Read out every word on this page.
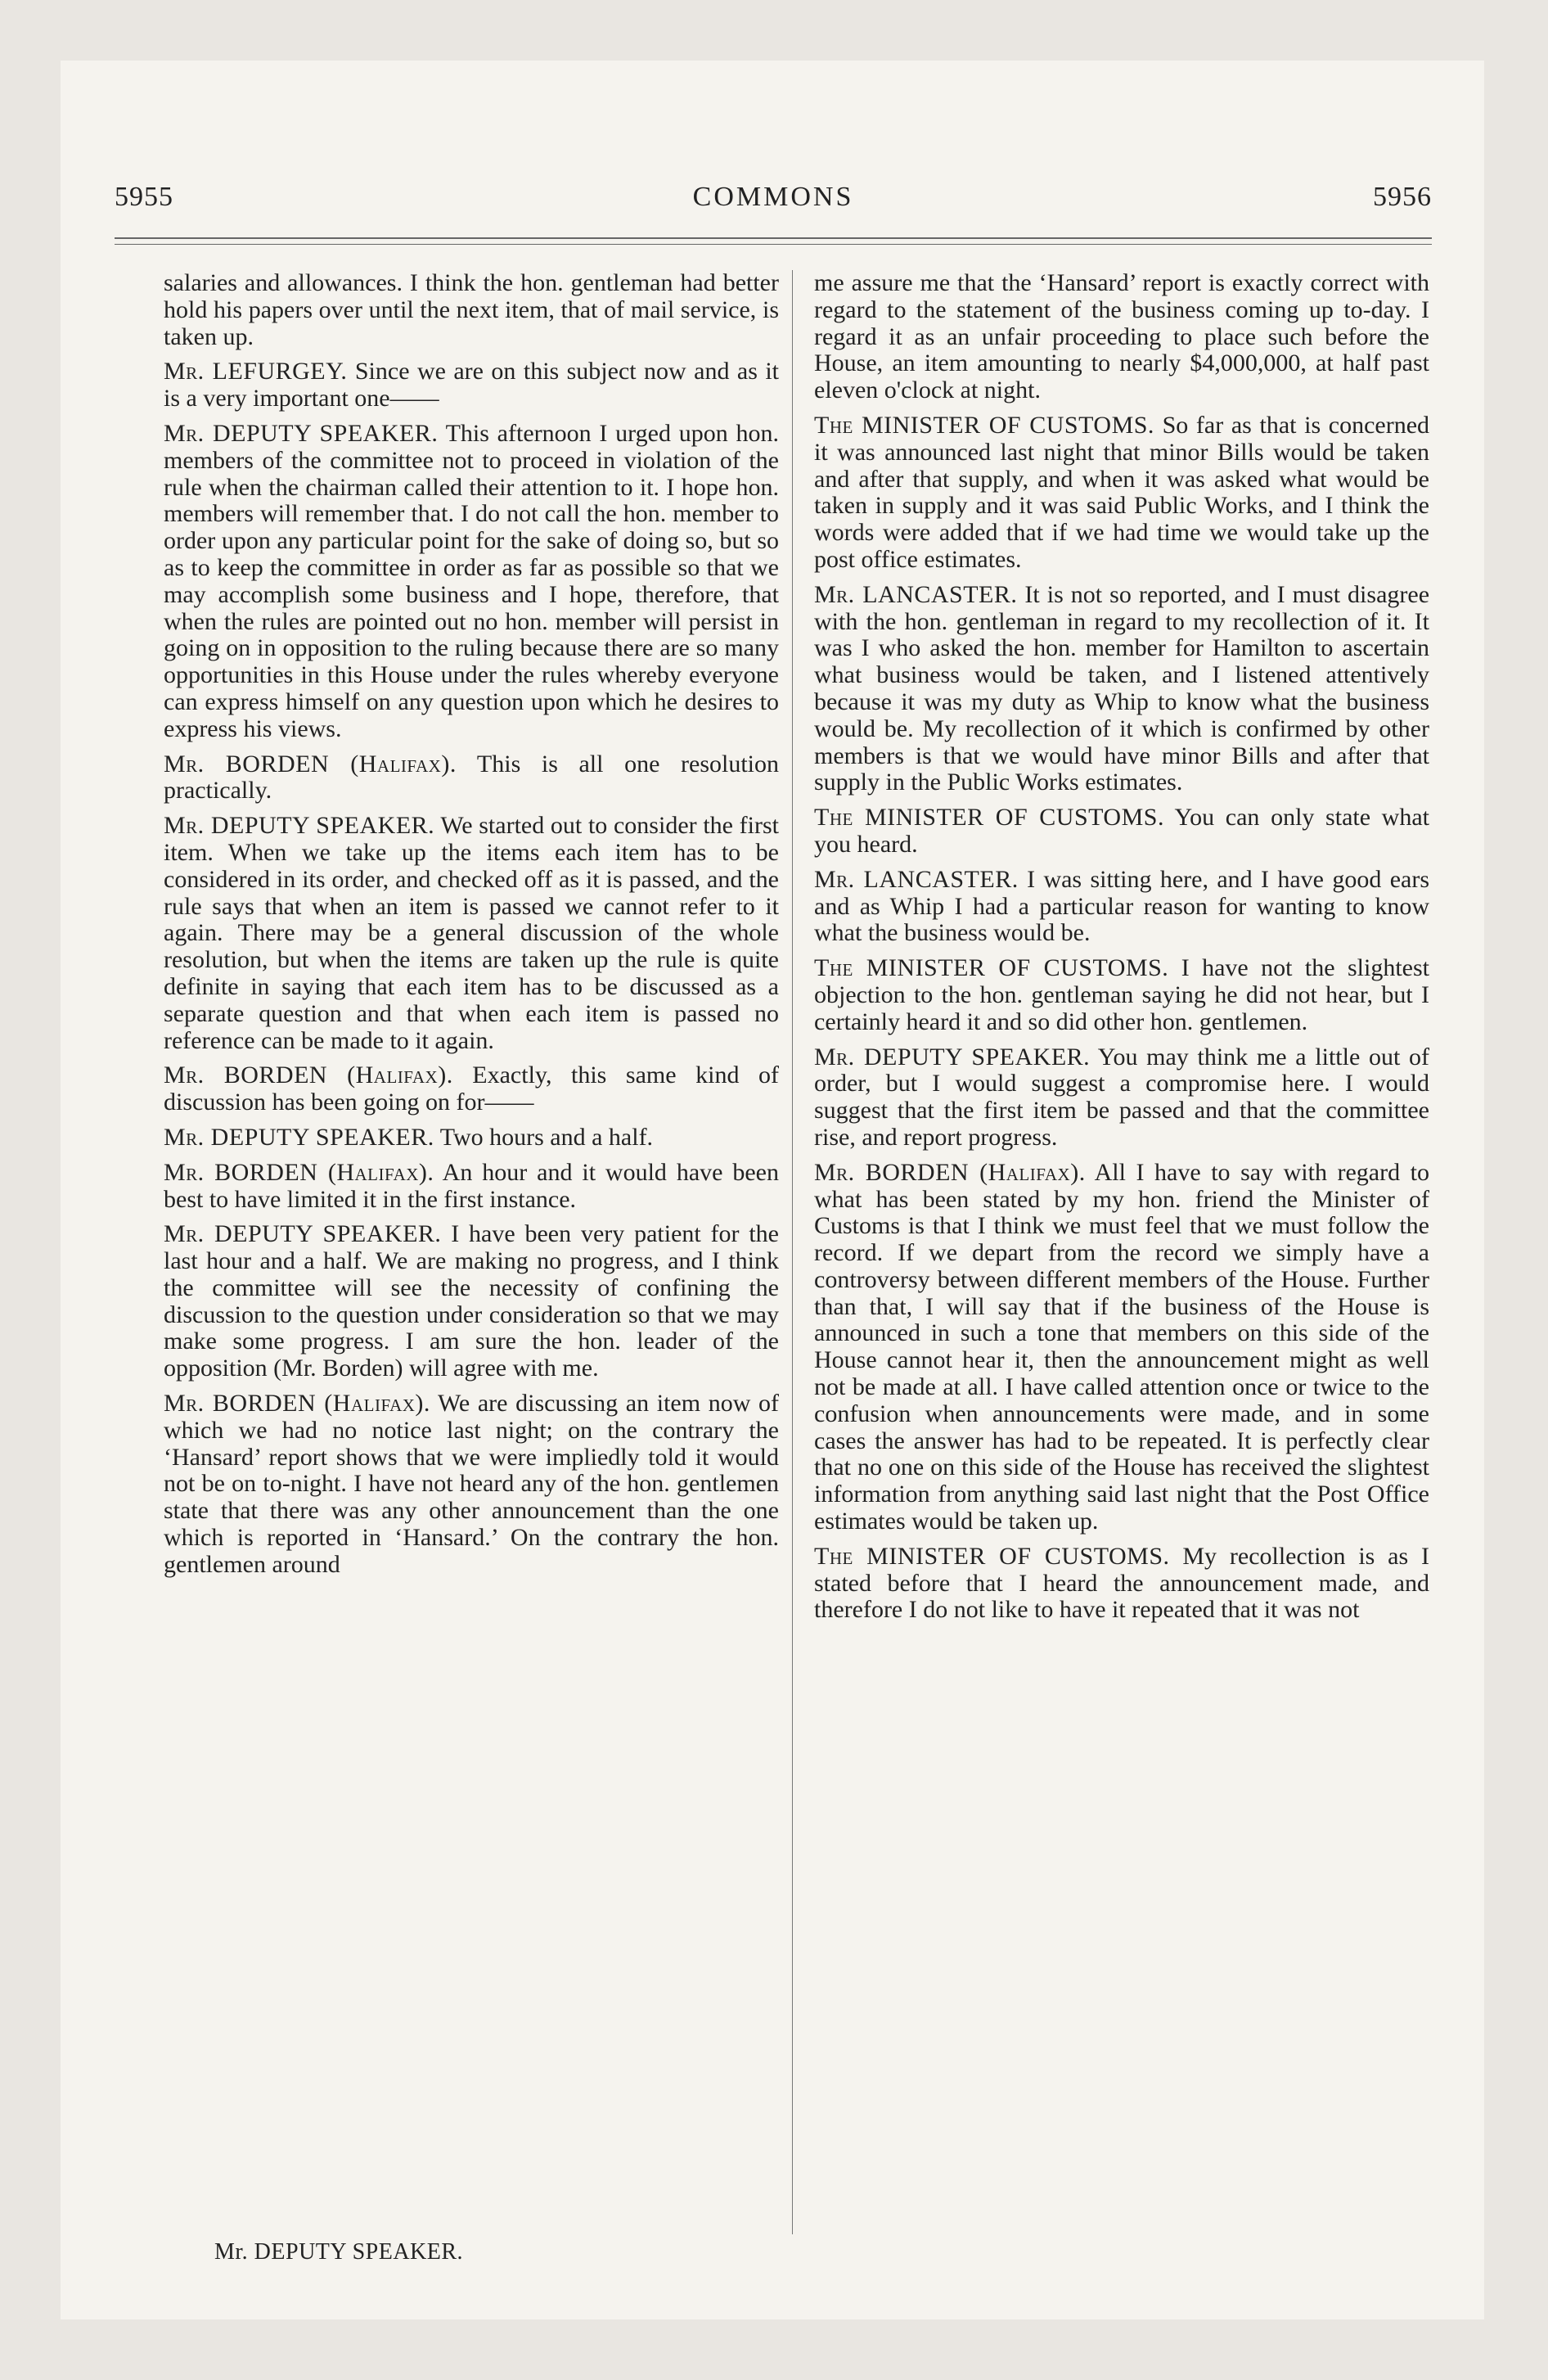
5955	COMMONS	5956

salaries and allowances. I think the hon. gentleman had better hold his papers over until the next item, that of mail service, is taken up.

Mr. LEFURGEY. Since we are on this subject now and as it is a very important one——

Mr. DEPUTY SPEAKER. This afternoon I urged upon hon. members of the committee not to proceed in violation of the rule when the chairman called their attention to it. I hope hon. members will remember that. I do not call the hon. member to order upon any particular point for the sake of doing so, but so as to keep the committee in order as far as possible so that we may accomplish some business and I hope, therefore, that when the rules are pointed out no hon. member will persist in going on in opposition to the ruling because there are so many opportunities in this House under the rules whereby everyone can express himself on any question upon which he desires to express his views.

Mr. BORDEN (Halifax). This is all one resolution practically.

Mr. DEPUTY SPEAKER. We started out to consider the first item. When we take up the items each item has to be considered in its order, and checked off as it is passed, and the rule says that when an item is passed we cannot refer to it again. There may be a general discussion of the whole resolution, but when the items are taken up the rule is quite definite in saying that each item has to be discussed as a separate question and that when each item is passed no reference can be made to it again.

Mr. BORDEN (Halifax). Exactly, this same kind of discussion has been going on for——

Mr. DEPUTY SPEAKER. Two hours and a half.

Mr. BORDEN (Halifax). An hour and it would have been best to have limited it in the first instance.

Mr. DEPUTY SPEAKER. I have been very patient for the last hour and a half. We are making no progress, and I think the committee will see the necessity of confining the discussion to the question under consideration so that we may make some progress. I am sure the hon. leader of the opposition (Mr. Borden) will agree with me.

Mr. BORDEN (Halifax). We are discussing an item now of which we had no notice last night; on the contrary the ‘Hansard’ report shows that we were impliedly told it would not be on to-night. I have not heard any of the hon. gentlemen state that there was any other announcement than the one which is reported in ‘Hansard.’ On the contrary the hon. gentlemen around

me assure me that the ‘Hansard’ report is exactly correct with regard to the statement of the business coming up to-day. I regard it as an unfair proceeding to place such before the House, an item amounting to nearly $4,000,000, at half past eleven o'clock at night.

The MINISTER OF CUSTOMS. So far as that is concerned it was announced last night that minor Bills would be taken and after that supply, and when it was asked what would be taken in supply and it was said Public Works, and I think the words were added that if we had time we would take up the post office estimates.

Mr. LANCASTER. It is not so reported, and I must disagree with the hon. gentleman in regard to my recollection of it. It was I who asked the hon. member for Hamilton to ascertain what business would be taken, and I listened attentively because it was my duty as Whip to know what the business would be. My recollection of it which is confirmed by other members is that we would have minor Bills and after that supply in the Public Works estimates.

The MINISTER OF CUSTOMS. You can only state what you heard.

Mr. LANCASTER. I was sitting here, and I have good ears and as Whip I had a particular reason for wanting to know what the business would be.

The MINISTER OF CUSTOMS. I have not the slightest objection to the hon. gentleman saying he did not hear, but I certainly heard it and so did other hon. gentlemen.

Mr. DEPUTY SPEAKER. You may think me a little out of order, but I would suggest a compromise here. I would suggest that the first item be passed and that the committee rise, and report progress.

Mr. BORDEN (Halifax). All I have to say with regard to what has been stated by my hon. friend the Minister of Customs is that I think we must feel that we must follow the record. If we depart from the record we simply have a controversy between different members of the House. Further than that, I will say that if the business of the House is announced in such a tone that members on this side of the House cannot hear it, then the announcement might as well not be made at all. I have called attention once or twice to the confusion when announcements were made, and in some cases the answer has had to be repeated. It is perfectly clear that no one on this side of the House has received the slightest information from anything said last night that the Post Office estimates would be taken up.

The MINISTER OF CUSTOMS. My recollection is as I stated before that I heard the announcement made, and therefore I do not like to have it repeated that it was not

Mr. DEPUTY SPEAKER.
